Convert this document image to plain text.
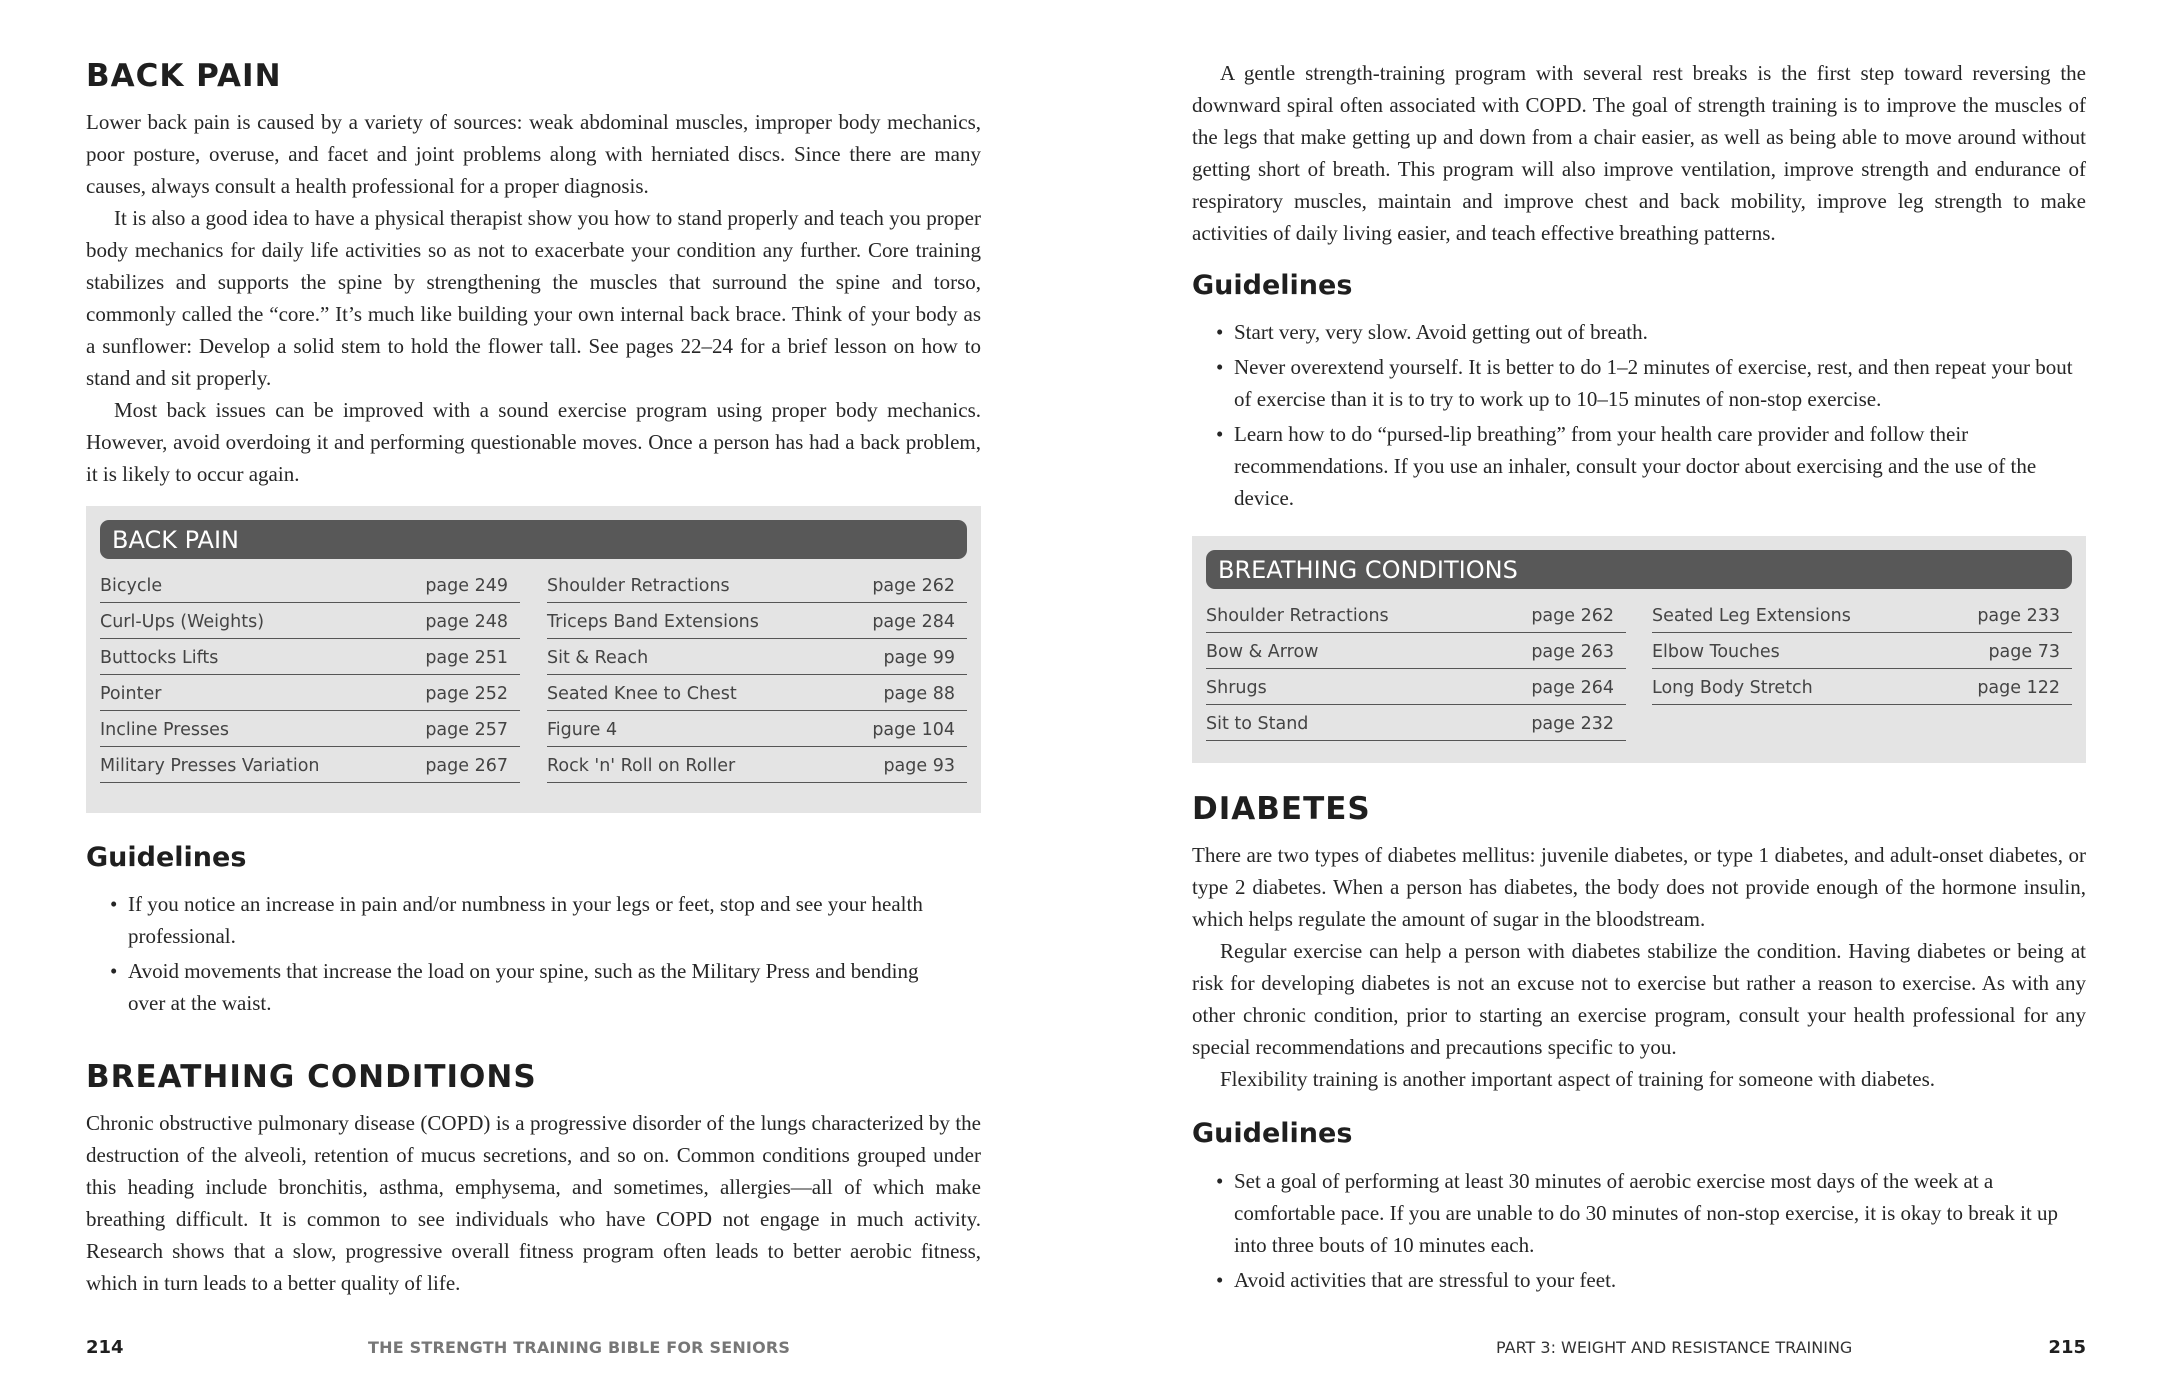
BACK PAIN

Lower back pain is caused by a variety of sources: weak abdominal muscles, improper body mechanics, poor posture, overuse, and facet and joint problems along with herniated discs. Since there are many causes, always consult a health professional for a proper diagnosis.

It is also a good idea to have a physical therapist show you how to stand properly and teach you proper body mechanics for daily life activities so as not to exacerbate your condition any further. Core training stabilizes and supports the spine by strengthening the muscles that surround the spine and torso, commonly called the “core.” It’s much like building your own internal back brace. Think of your body as a sunflower: Develop a solid stem to hold the flower tall. See pages 22–24 for a brief lesson on how to stand and sit properly.

Most back issues can be improved with a sound exercise program using proper body mechanics. However, avoid overdoing it and performing questionable moves. Once a person has had a back problem, it is likely to occur again.

BACK PAIN
Bicycle	page 249
Curl-Ups (Weights)	page 248
Buttocks Lifts	page 251
Pointer	page 252
Incline Presses	page 257
Military Presses Variation	page 267
Shoulder Retractions	page 262
Triceps Band Extensions	page 284
Sit & Reach	page 99
Seated Knee to Chest	page 88
Figure 4	page 104
Rock 'n' Roll on Roller	page 93
Guidelines
• If you notice an increase in pain and/or numbness in your legs or feet, stop and see your health professional.
• Avoid movements that increase the load on your spine, such as the Military Press and bending over at the waist.
BREATHING CONDITIONS

Chronic obstructive pulmonary disease (COPD) is a progressive disorder of the lungs characterized by the destruction of the alveoli, retention of mucus secretions, and so on. Common conditions grouped under this heading include bronchitis, asthma, emphysema, and sometimes, allergies—all of which make breathing difficult. It is common to see individuals who have COPD not engage in much activity. Research shows that a slow, progressive overall fitness program often leads to better aerobic fitness, which in turn leads to a better quality of life.

214	THE STRENGTH TRAINING BIBLE FOR SENIORS

A gentle strength-training program with several rest breaks is the first step toward reversing the downward spiral often associated with COPD. The goal of strength training is to improve the muscles of the legs that make getting up and down from a chair easier, as well as being able to move around without getting short of breath. This program will also improve ventilation, improve strength and endurance of respiratory muscles, maintain and improve chest and back mobility, improve leg strength to make activities of daily living easier, and teach effective breathing patterns.

Guidelines
• Start very, very slow. Avoid getting out of breath.
• Never overextend yourself. It is better to do 1–2 minutes of exercise, rest, and then repeat your bout of exercise than it is to try to work up to 10–15 minutes of non-stop exercise.
• Learn how to do “pursed-lip breathing” from your health care provider and follow their recommendations. If you use an inhaler, consult your doctor about exercising and the use of the device.
BREATHING CONDITIONS
Shoulder Retractions	page 262
Bow & Arrow	page 263
Shrugs	page 264
Sit to Stand	page 232
Seated Leg Extensions	page 233
Elbow Touches	page 73
Long Body Stretch	page 122
DIABETES

There are two types of diabetes mellitus: juvenile diabetes, or type 1 diabetes, and adult-onset diabetes, or type 2 diabetes. When a person has diabetes, the body does not provide enough of the hormone insulin, which helps regulate the amount of sugar in the bloodstream.

Regular exercise can help a person with diabetes stabilize the condition. Having diabetes or being at risk for developing diabetes is not an excuse not to exercise but rather a reason to exercise. As with any other chronic condition, prior to starting an exercise program, consult your health professional for any special recommendations and precautions specific to you.

Flexibility training is another important aspect of training for someone with diabetes.

Guidelines
• Set a goal of performing at least 30 minutes of aerobic exercise most days of the week at a comfortable pace. If you are unable to do 30 minutes of non-stop exercise, it is okay to break it up into three bouts of 10 minutes each.
• Avoid activities that are stressful to your feet.
PART 3: WEIGHT AND RESISTANCE TRAINING	215
